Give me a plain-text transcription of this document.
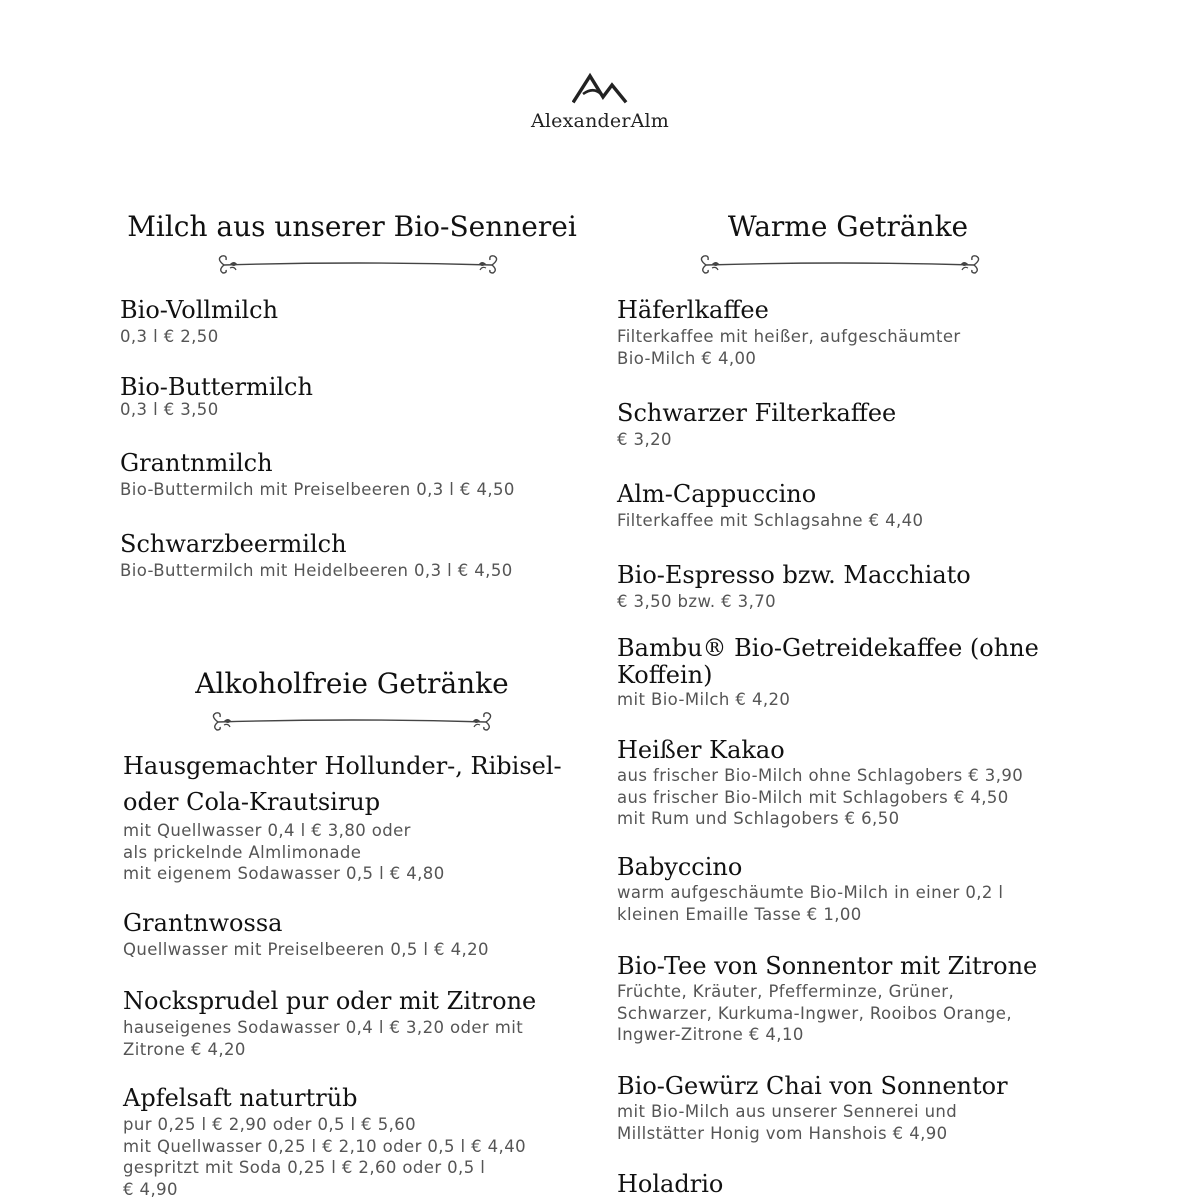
AlexanderAlm
Milch aus unserer Bio-Sennerei	Warme Getränke
Alkoholfreie Getränke

Bio-Vollmilch

0,3 l € 2,50

Bio-Buttermilch

0,3 l € 3,50

Grantnmilch

Bio-Buttermilch mit Preiselbeeren 0,3 l € 4,50

Schwarzbeermilch

Bio-Buttermilch mit Heidelbeeren 0,3 l € 4,50

Hausgemachter Hollunder-, Ribisel-
oder Cola-Krautsirup

mit Quellwasser 0,4 l € 3,80 oder
als prickelnde Almlimonade
mit eigenem Sodawasser 0,5 l € 4,80

Grantnwossa

Quellwasser mit Preiselbeeren 0,5 l € 4,20

Nocksprudel pur oder mit Zitrone

hauseigenes Sodawasser 0,4 l € 3,20 oder mit
Zitrone € 4,20

Apfelsaft naturtrüb

pur 0,25 l € 2,90 oder 0,5 l € 5,60
mit Quellwasser 0,25 l € 2,10 oder 0,5 l € 4,40
gespritzt mit Soda 0,25 l € 2,60 oder 0,5 l
€ 4,90

Häferlkaffee

Filterkaffee mit heißer, aufgeschäumter
Bio-Milch € 4,00

Schwarzer Filterkaffee

€ 3,20

Alm-Cappuccino

Filterkaffee mit Schlagsahne € 4,40

Bio-Espresso bzw. Macchiato

€ 3,50 bzw. € 3,70

Bambu® Bio-Getreidekaffee (ohne
Koffein)

mit Bio-Milch € 4,20

Heißer Kakao

aus frischer Bio-Milch ohne Schlagobers € 3,90
aus frischer Bio-Milch mit Schlagobers € 4,50
mit Rum und Schlagobers € 6,50

Babyccino

warm aufgeschäumte Bio-Milch in einer 0,2 l
kleinen Emaille Tasse € 1,00

Bio-Tee von Sonnentor mit Zitrone

Früchte, Kräuter, Pfefferminze, Grüner,
Schwarzer, Kurkuma-Ingwer, Rooibos Orange,
Ingwer-Zitrone € 4,10

Bio-Gewürz Chai von Sonnentor

mit Bio-Milch aus unserer Sennerei und
Millstätter Honig vom Hanshois € 4,90

Holadrio
